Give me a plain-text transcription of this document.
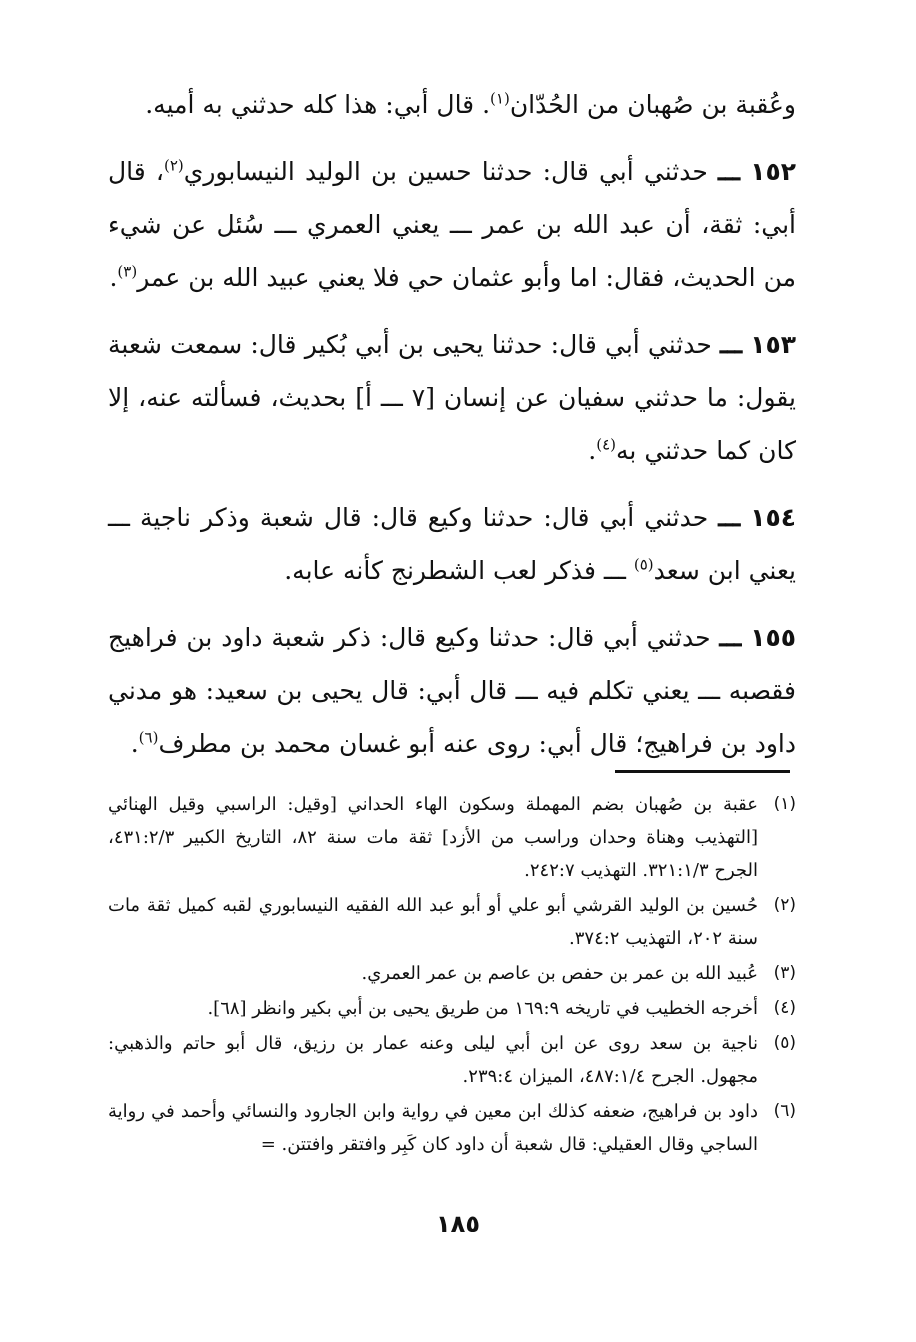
وعُقبة بن صُهبان من الحُدّان$^{(١)}$. قال أبي: هذا كله حدثني به أميه.

١٥٢ ـــ حدثني أبي قال: حدثنا حسين بن الوليد النيسابوري$^{(٢)}$، قال أبي: ثقة، أن عبد الله بن عمر ـــ يعني العمري ـــ سُئل عن شيء من الحديث، فقال: اما وأبو عثمان حي فلا يعني عبيد الله بن عمر$^{(٣)}$.

١٥٣ ـــ حدثني أبي قال: حدثنا يحيى بن أبي بُكير قال: سمعت شعبة يقول: ما حدثني سفيان عن إنسان [٧ ـــ أ] بحديث، فسألته عنه، إلا كان كما حدثني به$^{(٤)}$.

١٥٤ ـــ حدثني أبي قال: حدثنا وكيع قال: قال شعبة وذكر ناجية ـــ يعني ابن سعد$^{(٥)}$ ـــ فذكر لعب الشطرنج كأنه عابه.

١٥٥ ـــ حدثني أبي قال: حدثنا وكيع قال: ذكر شعبة داود بن فراهيج فقصبه ـــ يعني تكلم فيه ـــ قال أبي: قال يحيى بن سعيد: هو مدني داود بن فراهيج؛ قال أبي: روى عنه أبو غسان محمد بن مطرف$^{(٦)}$.

(١)
عقبة بن صُهبان بضم المهملة وسكون الهاء الحداني [وقيل: الراسبي وقيل الهنائي [التهذيب وهناة وحدان وراسب من الأزد] ثقة مات سنة ٨٢، التاريخ الكبير ٤٣١:٢/٣، الجرح ٣٢١:١/٣. التهذيب ٢٤٢:٧.
(٢)
حُسين بن الوليد القرشي أبو علي أو أبو عبد الله الفقيه النيسابوري لقبه كميل ثقة مات سنة ٢٠٢، التهذيب ٣٧٤:٢.
(٣)
عُبيد الله بن عمر بن حفص بن عاصم بن عمر العمري.
(٤)
أخرجه الخطيب في تاريخه ١٦٩:٩ من طريق يحيى بن أبي بكير وانظر [٦٨].
(٥)
ناجية بن سعد روى عن ابن أبي ليلى وعنه عمار بن رزيق، قال أبو حاتم والذهبي: مجهول. الجرح ٤٨٧:١/٤، الميزان ٢٣٩:٤.
(٦)
داود بن فراهيج، ضعفه كذلك ابن معين في رواية وابن الجارود والنسائي وأحمد في رواية الساجي وقال العقيلي: قال شعبة أن داود كان كَبِر وافتقر وافتتن. =
١٨٥
